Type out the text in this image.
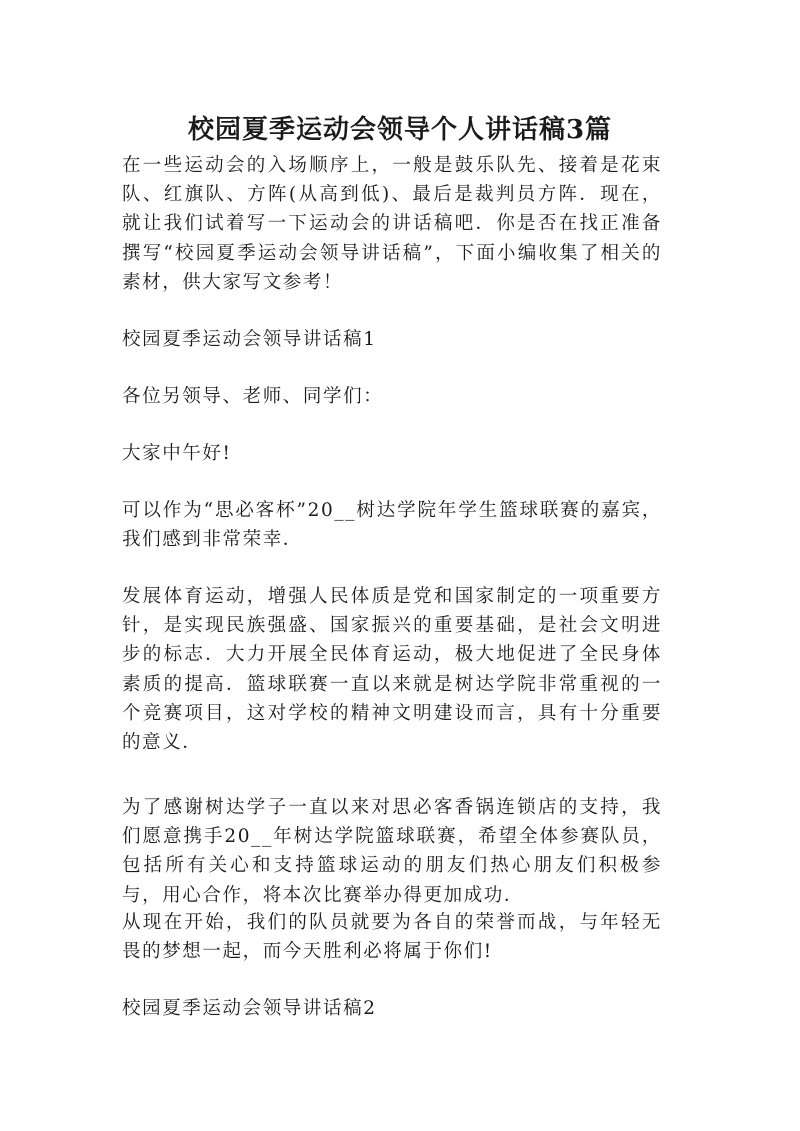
校园夏季运动会领导个人讲话稿3篇

在一些运动会的入场顺序上，一般是鼓乐队先、接着是花束队、红旗队、方阵(从高到低)、最后是裁判员方阵．现在，就让我们试着写一下运动会的讲话稿吧．你是否在找正准备撰写“校园夏季运动会领导讲话稿”，下面小编收集了相关的素材，供大家写文参考！

校园夏季运动会领导讲话稿1

各位另领导、老师、同学们：

大家中午好!

可以作为“思必客杯”20__树达学院年学生篮球联赛的嘉宾，我们感到非常荣幸．

发展体育运动，增强人民体质是党和国家制定的一项重要方针，是实现民族强盛、国家振兴的重要基础，是社会文明进步的标志．大力开展全民体育运动，极大地促进了全民身体素质的提高．篮球联赛一直以来就是树达学院非常重视的一个竞赛项目，这对学校的精神文明建设而言，具有十分重要的意义．

为了感谢树达学子一直以来对思必客香锅连锁店的支持，我们愿意携手20__年树达学院篮球联赛，希望全体参赛队员，包括所有关心和支持篮球运动的朋友们热心朋友们积极参与，用心合作，将本次比赛举办得更加成功．

从现在开始，我们的队员就要为各自的荣誉而战，与年轻无畏的梦想一起，而今天胜利必将属于你们!

校园夏季运动会领导讲话稿2
